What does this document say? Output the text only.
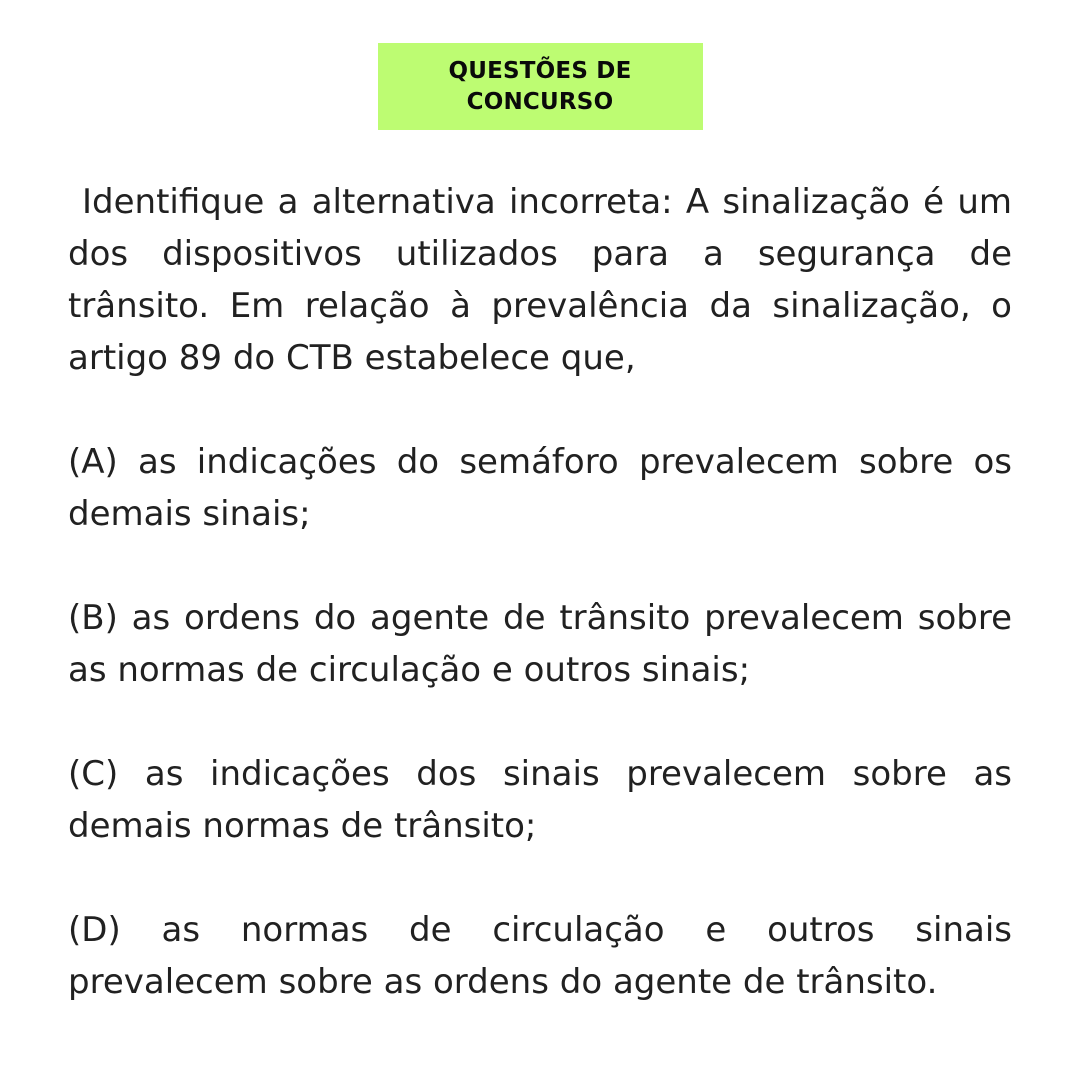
QUESTÕES DE
CONCURSO

Identifique a alternativa incorreta: A sinalização é um dos dispositivos utilizados para a segurança de trânsito. Em relação à prevalência da sinalização, o artigo 89 do CTB estabelece que,

(A) as indicações do semáforo prevalecem sobre os demais sinais;

(B) as ordens do agente de trânsito prevalecem sobre as normas de circulação e outros sinais;

(C) as indicações dos sinais prevalecem sobre as demais normas de trânsito;

(D) as normas de circulação e outros sinais prevalecem sobre as ordens do agente de trânsito.
